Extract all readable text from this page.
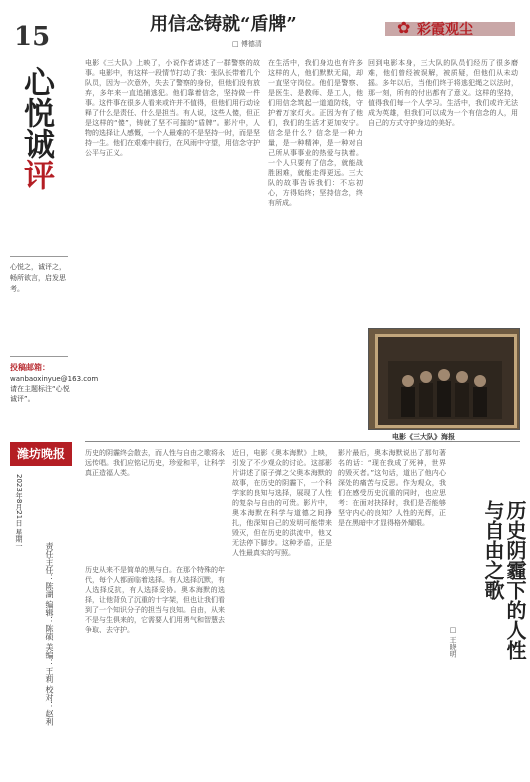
15
心悦诚评
心悦之，诚评之，畅所欲言，启发思考。
投稿邮箱：
wanbaoxinyue@163.com 请在主题标注“心悦诚评”。
潍坊晚报
2023年8月21日 星期一
责任主任：陈湖 编辑：陈硕 美编：王莉 校对：赵利
用信念铸就“盾牌”
□ 傅德清
✿ 彩霞观尘
电影《三大队》上映了，小说作者讲述了一群警察的故事。电影中，有这样一段情节打动了我：张队长带着几个队员，因为一次意外，失去了警察的身份，但他们没有放弃，多年来一直追捕逃犯。他们靠着信念，坚持做一件事。这件事在很多人看来或许并不值得，但他们用行动诠释了什么是责任、什么是担当。有人说，这些人傻，但正是这样的“傻”，铸就了坚不可摧的“盾牌”。影片中，人物的选择让人感慨，一个人最难的不是坚持一时，而是坚持一生。他们在艰难中前行，在风雨中守望，用信念守护公平与正义。
在生活中，我们身边也有许多这样的人，他们默默无闻，却一直坚守岗位。他们是警察、是医生、是教师、是工人，他们用信念筑起一道道防线，守护着万家灯火。正因为有了他们，我们的生活才更加安宁。信念是什么？信念是一种力量，是一种精神，是一种对自己所从事事业的热爱与执着。一个人只要有了信念，就能战胜困难，就能走得更远。三大队的故事告诉我们：不忘初心，方得始终；坚持信念，终有所成。
回到电影本身，三大队的队员们经历了很多磨难，他们曾经被误解，被质疑，但他们从未动摇。多年以后，当他们终于将逃犯绳之以法时，那一刻，所有的付出都有了意义。这样的坚持，值得我们每一个人学习。生活中，我们或许无法成为英雄，但我们可以成为一个有信念的人，用自己的方式守护身边的美好。
电影《三大队》海报
近日，电影《奥本海默》上映，引发了不少观众的讨论。这部影片讲述了原子弹之父奥本海默的故事，在历史的阴霾下，一个科学家的良知与选择，展现了人性的复杂与自由的可贵。影片中，奥本海默在科学与道德之间挣扎，他深知自己的发明可能带来毁灭，但在历史的洪流中，他又无法停下脚步。这种矛盾，正是人性最真实的写照。
历史从来不是简单的黑与白。在那个特殊的年代，每个人都面临着选择。有人选择沉默，有人选择反抗，有人选择妥协。奥本海默的选择，让他背负了沉重的十字架，但也让我们看到了一个知识分子的担当与良知。自由，从来不是与生俱来的，它需要人们用勇气和智慧去争取、去守护。
影片最后，奥本海默说出了那句著名的话：“现在我成了死神，世界的毁灭者。”这句话，道出了他内心深处的痛苦与反思。作为观众，我们在感受历史沉重的同时，也应思考：在面对抉择时，我们是否能够坚守内心的良知？人性的光辉，正是在黑暗中才显得格外耀眼。
历史的阴霾终会散去，而人性与自由之歌将永远传唱。我们应铭记历史，珍爱和平，让科学真正造福人类。
历史阴霾下的人性与自由之歌
□ 王晓明
